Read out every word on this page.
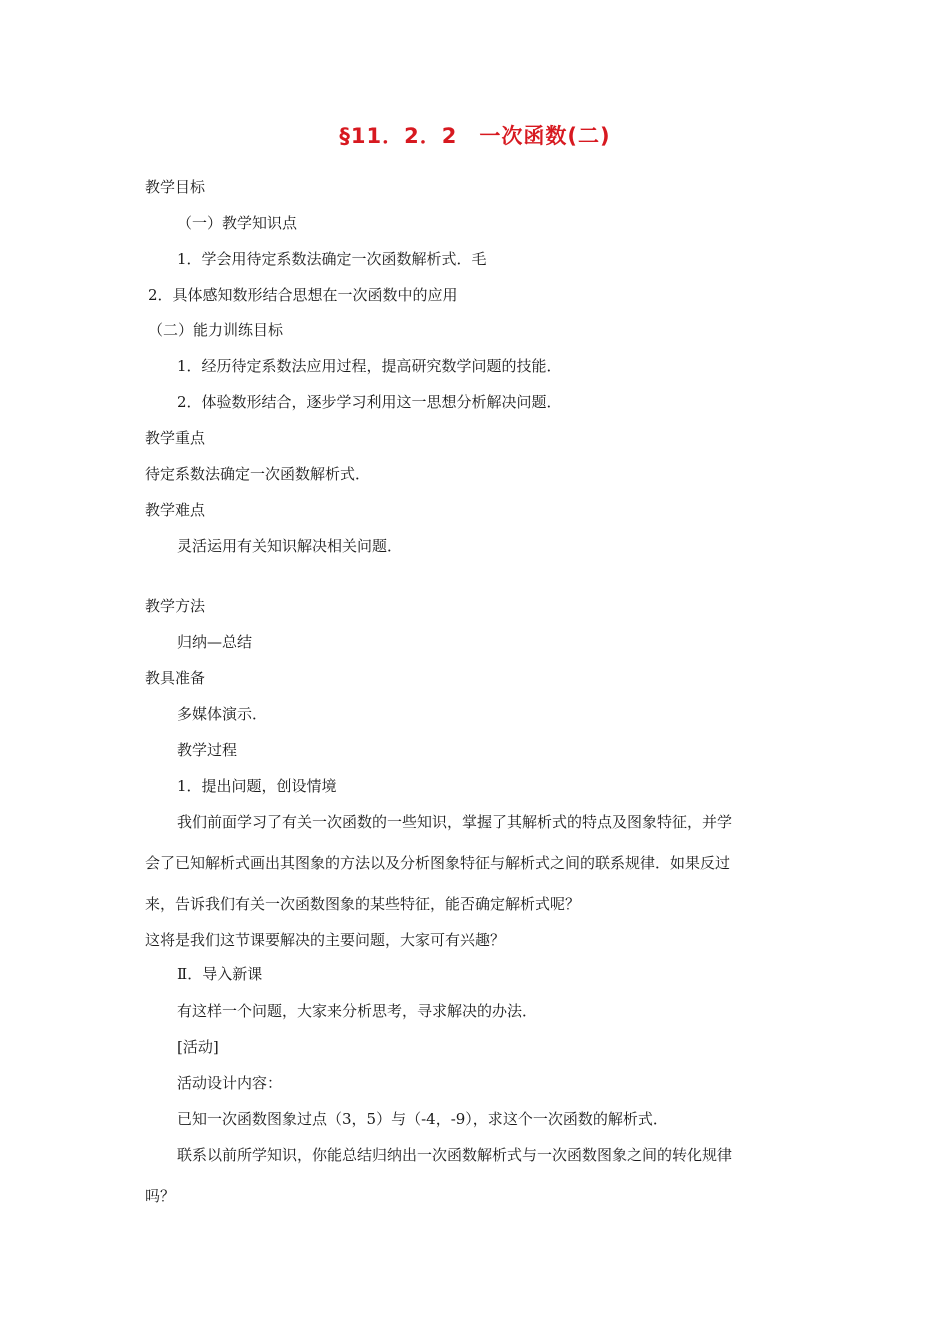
§11．2．2　一次函数(二)
教学目标
（一）教学知识点
1．学会用待定系数法确定一次函数解析式．毛
2．具体感知数形结合思想在一次函数中的应用
（二）能力训练目标
1．经历待定系数法应用过程，提高研究数学问题的技能．
2．体验数形结合，逐步学习利用这一思想分析解决问题．
教学重点
待定系数法确定一次函数解析式．
教学难点
灵活运用有关知识解决相关问题．
教学方法
归纳—总结
教具准备
多媒体演示．
教学过程
1．提出问题，创设情境
我们前面学习了有关一次函数的一些知识，掌握了其解析式的特点及图象特征，并学
会了已知解析式画出其图象的方法以及分析图象特征与解析式之间的联系规律．如果反过
来，告诉我们有关一次函数图象的某些特征，能否确定解析式呢？
这将是我们这节课要解决的主要问题，大家可有兴趣？
Ⅱ．导入新课
有这样一个问题，大家来分析思考，寻求解决的办法．
[活动]
活动设计内容：
已知一次函数图象过点（3，5）与（-4，-9），求这个一次函数的解析式．
联系以前所学知识，你能总结归纳出一次函数解析式与一次函数图象之间的转化规律
吗？
